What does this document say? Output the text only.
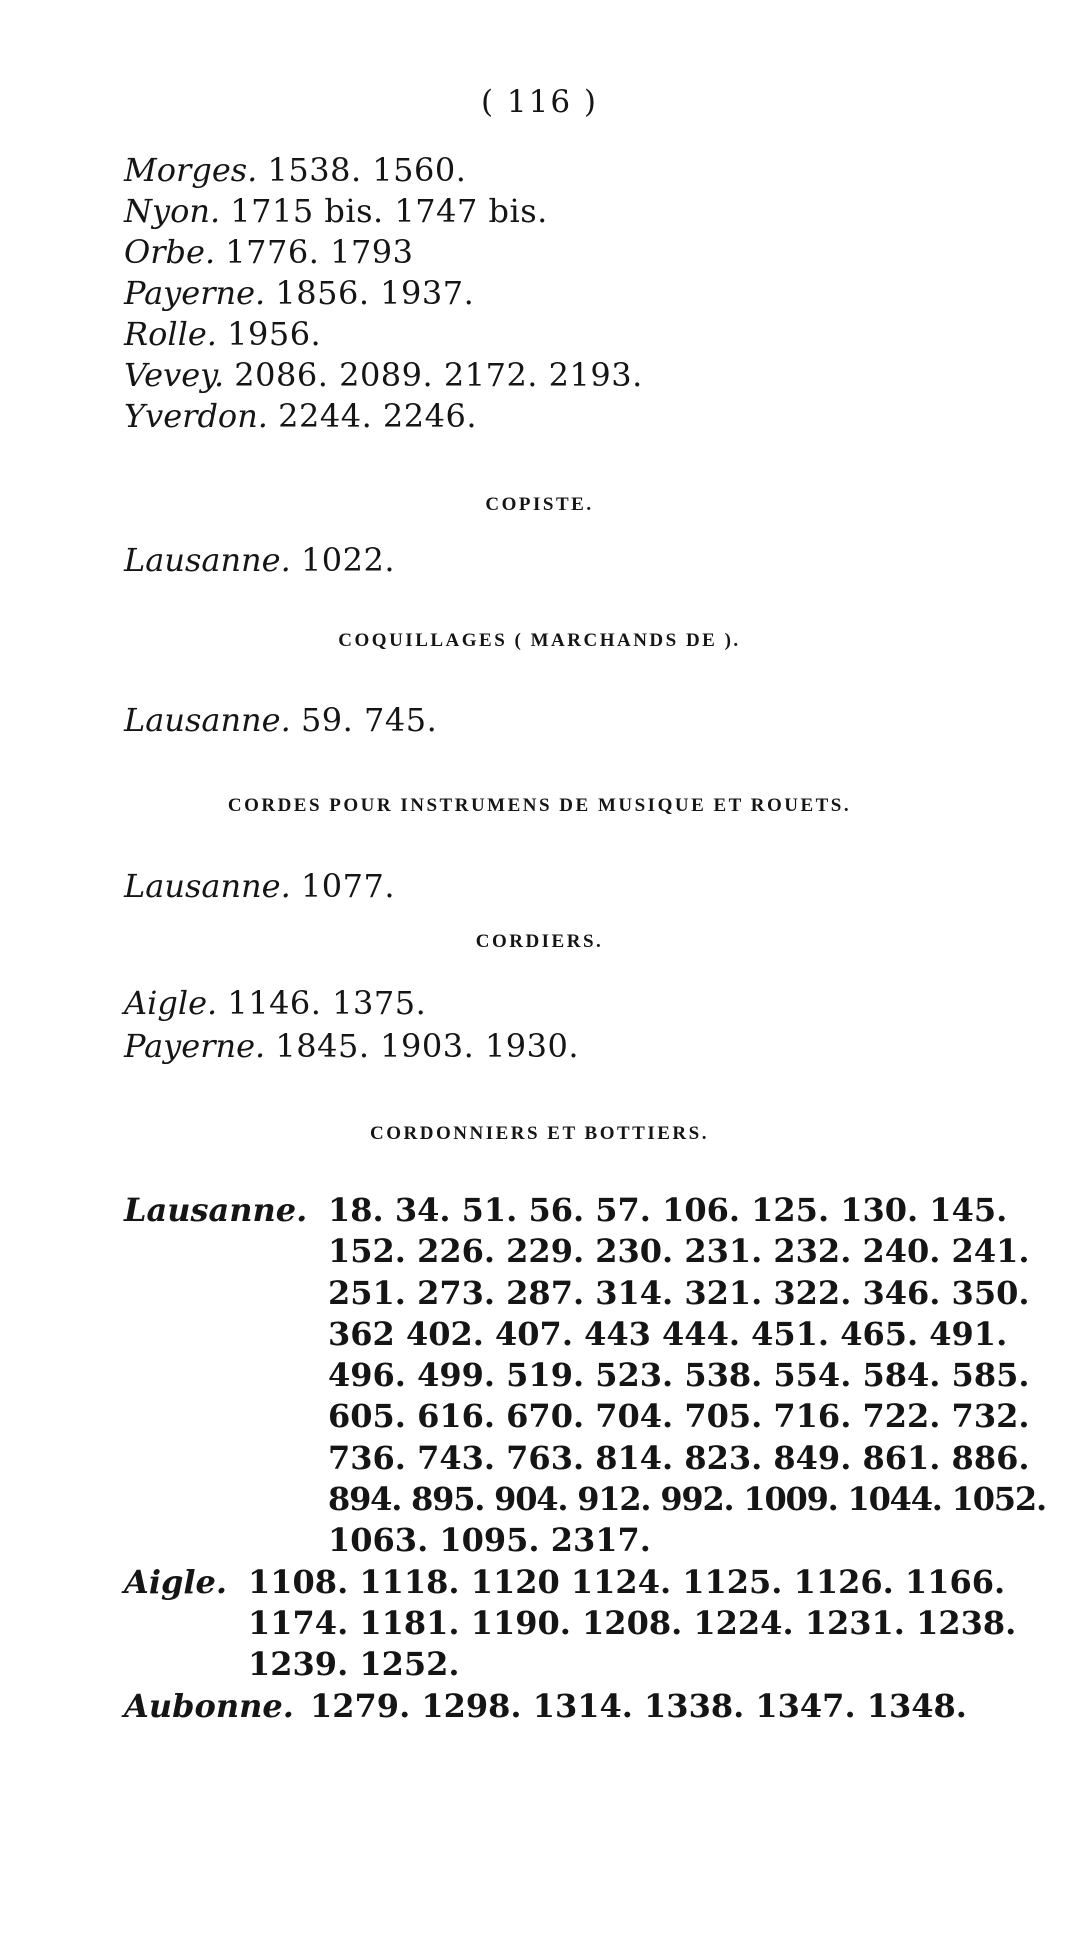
( 116 )
Morges. 1538. 1560.
Nyon. 1715 bis. 1747 bis.
Orbe. 1776. 1793
Payerne. 1856. 1937.
Rolle. 1956.
Vevey. 2086. 2089. 2172. 2193.
Yverdon. 2244. 2246.
COPISTE.
Lausanne. 1022.
COQUILLAGES ( MARCHANDS DE ).
Lausanne. 59. 745.
CORDES POUR INSTRUMENS DE MUSIQUE ET ROUETS.
Lausanne. 1077.
CORDIERS.
Aigle. 1146. 1375.
Payerne. 1845. 1903. 1930.
CORDONNIERS ET BOTTIERS.
Lausanne. 18. 34. 51. 56. 57. 106. 125. 130. 145.
152. 226. 229. 230. 231. 232. 240. 241.
251. 273. 287. 314. 321. 322. 346. 350.
362 402. 407. 443 444. 451. 465. 491.
496. 499. 519. 523. 538. 554. 584. 585.
605. 616. 670. 704. 705. 716. 722. 732.
736. 743. 763. 814. 823. 849. 861. 886.
894. 895. 904. 912. 992. 1009. 1044. 1052.
1063. 1095. 2317.
Aigle. 1108. 1118. 1120 1124. 1125. 1126. 1166.
1174. 1181. 1190. 1208. 1224. 1231. 1238.
1239. 1252.
Aubonne. 1279. 1298. 1314. 1338. 1347. 1348.
